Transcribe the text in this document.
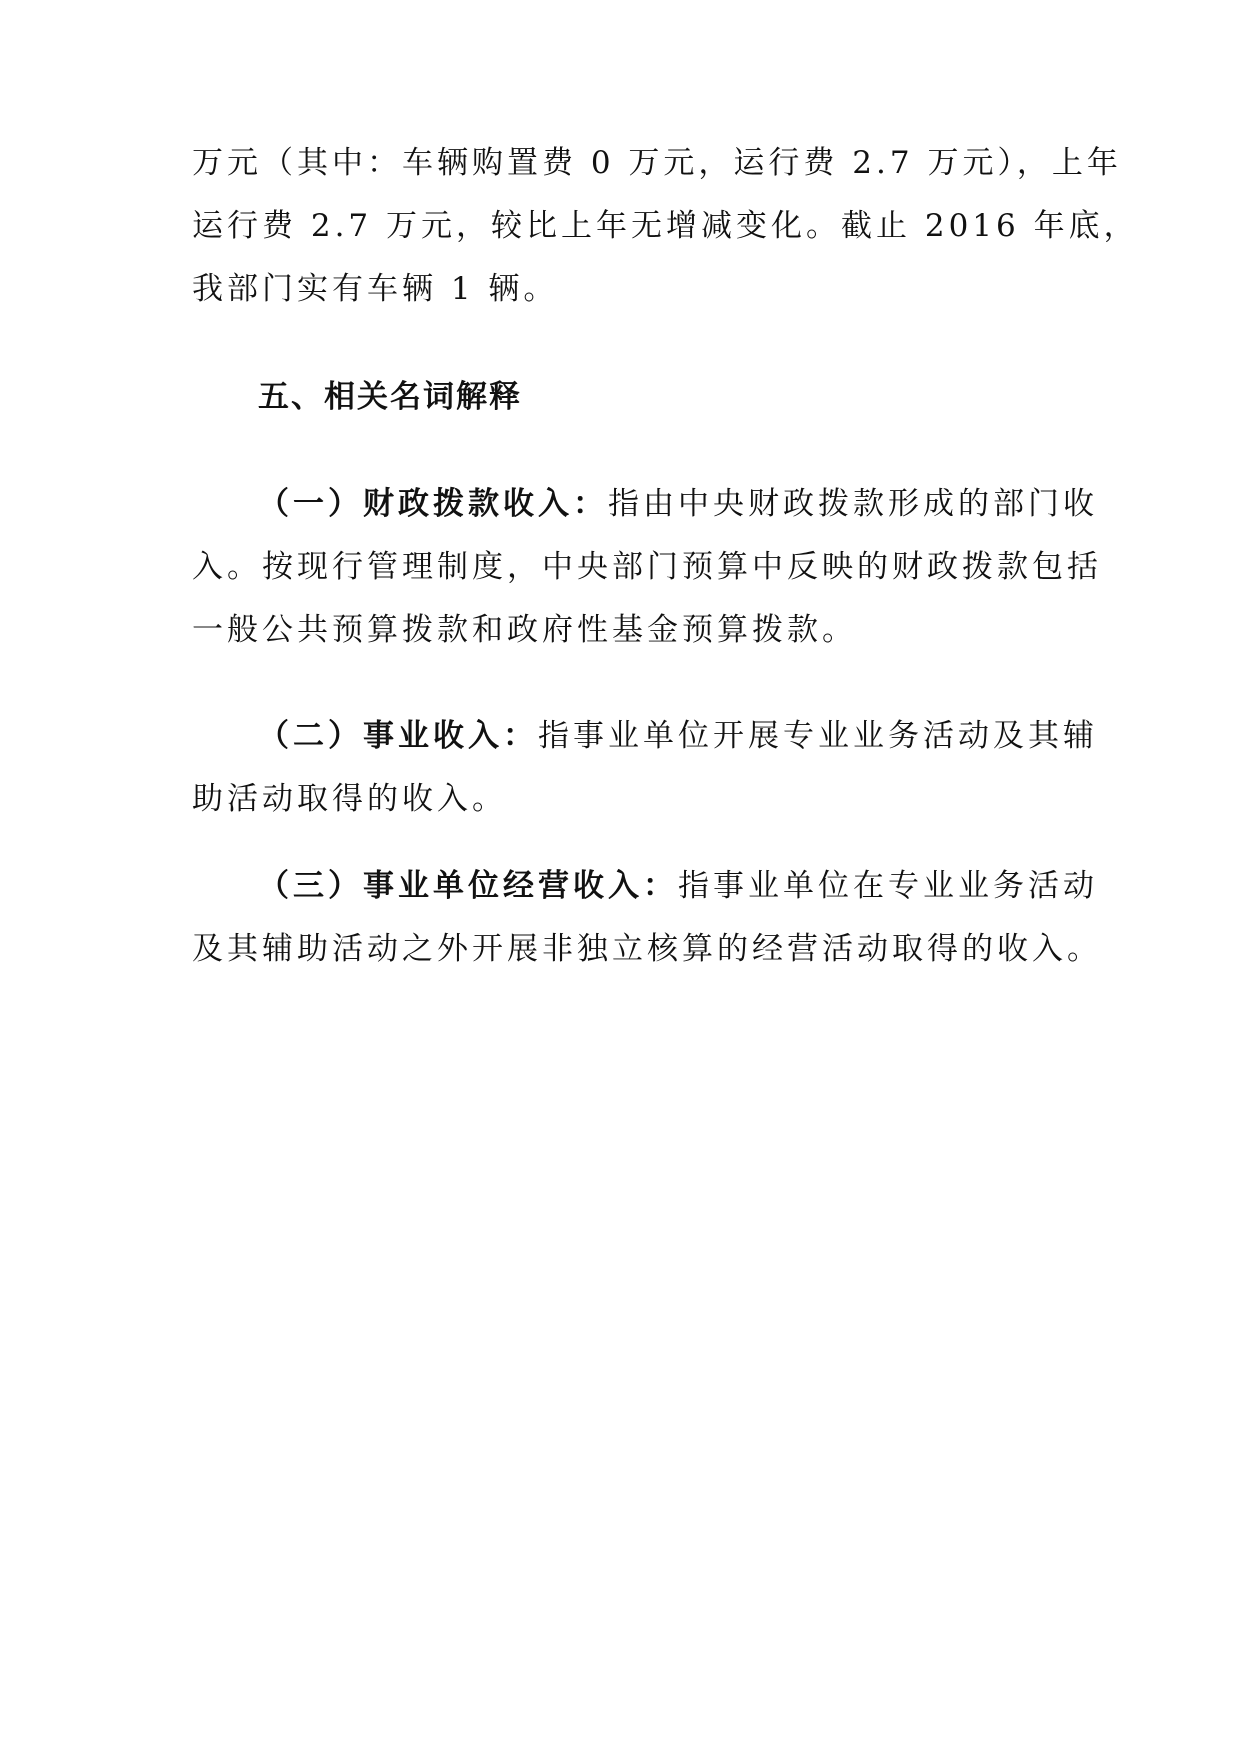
万元（其中：车辆购置费 0 万元，运行费 2.7 万元），上年
运行费 2.7 万元，较比上年无增减变化。截止 2016 年底，
我部门实有车辆 1 辆。
五、相关名词解释
（一）财政拨款收入：指由中央财政拨款形成的部门收
入。按现行管理制度，中央部门预算中反映的财政拨款包括
一般公共预算拨款和政府性基金预算拨款。
（二）事业收入：指事业单位开展专业业务活动及其辅
助活动取得的收入。
（三）事业单位经营收入：指事业单位在专业业务活动
及其辅助活动之外开展非独立核算的经营活动取得的收入。
